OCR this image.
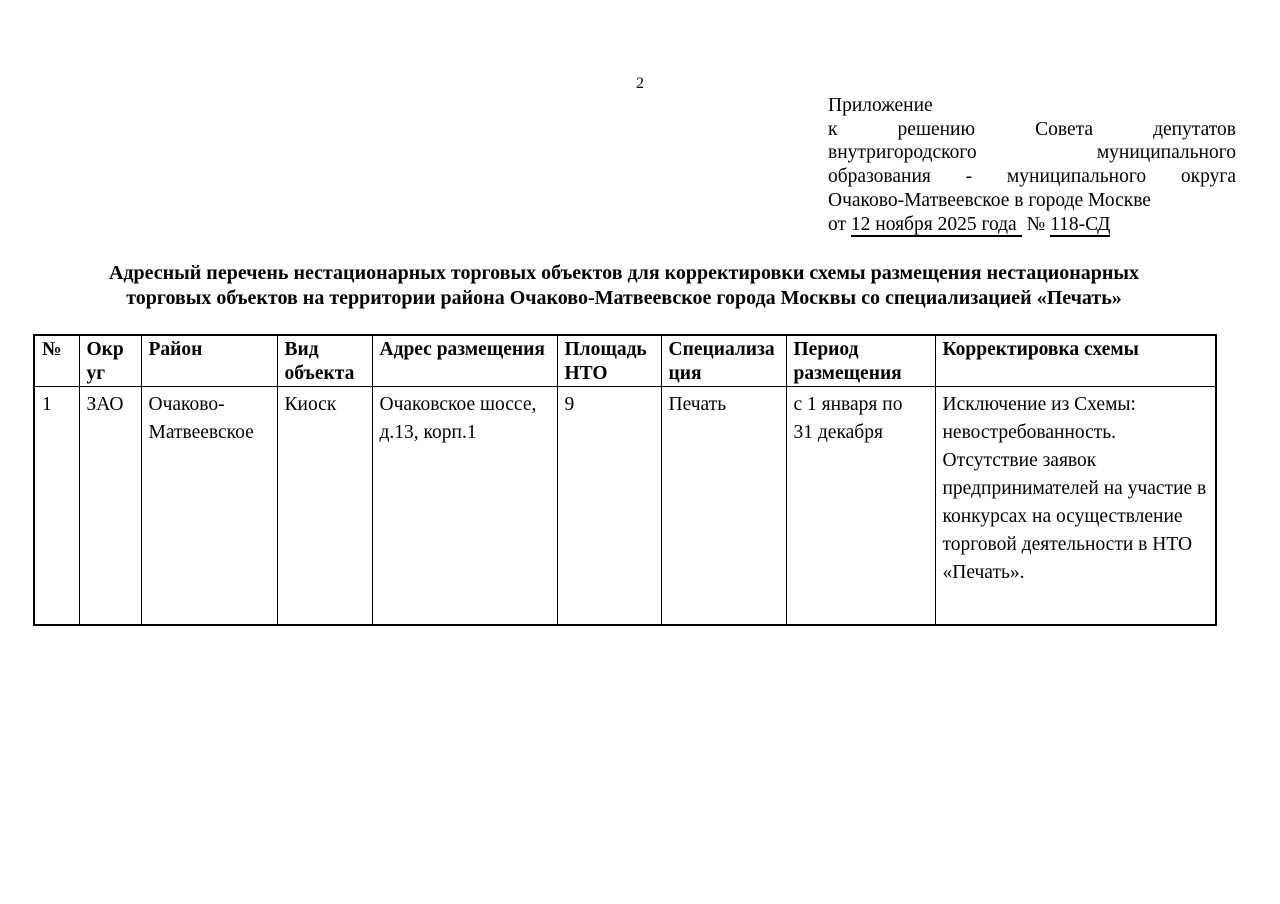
2
Приложение
к решению Совета депутатов
внутригородского муниципального
образования - муниципального округа
Очаково-Матвеевское в городе Москве
от 12 ноября 2025 года № 118-СД
Адресный перечень нестационарных торговых объектов для корректировки схемы размещения нестационарных
торговых объектов на территории района Очаково-Матвеевское города Москвы со специализацией «Печать»
№	Округ	Район	Вид объекта	Адрес размещения	Площадь НТО	Специализация	Период размещения	Корректировка схемы
1	ЗАО	Очаково-Матвеевское	Киоск	Очаковское шоссе, д.13, корп.1	9	Печать	с 1 января по 31 декабря	Исключение из Схемы: невостребованность. Отсутствие заявок предпринимателей на участие в конкурсах на осуществление торговой деятельности в НТО «Печать».
